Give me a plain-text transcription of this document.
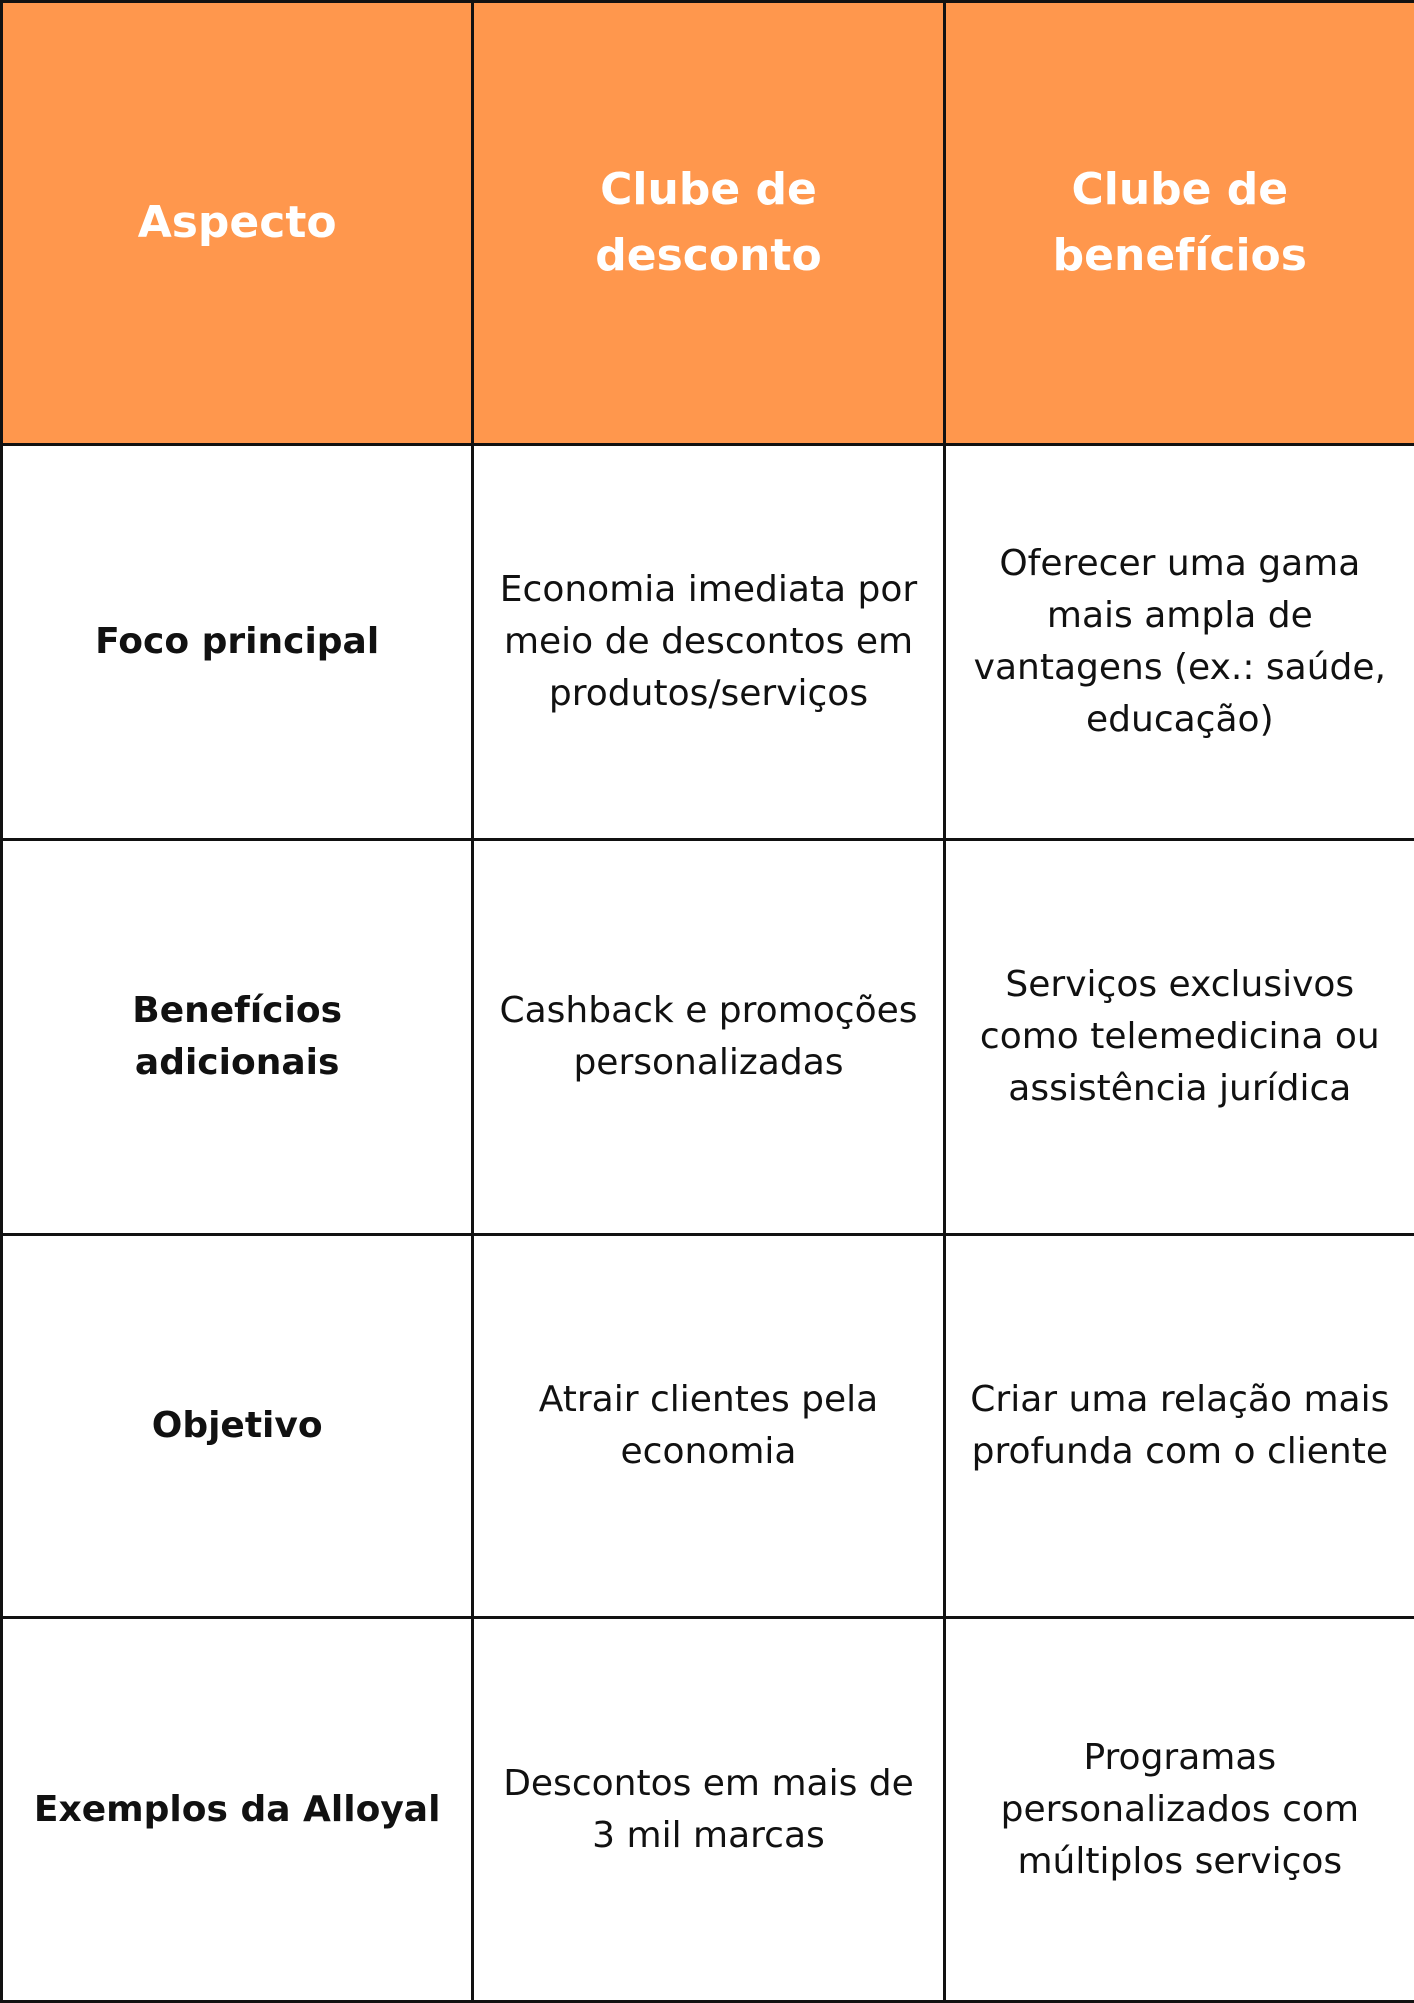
Aspecto	Clube de desconto	Clube de benefícios
Foco principal	Economia imediata por meio de descontos em produtos/serviços	Oferecer uma gama mais ampla de vantagens (ex.: saúde, educação)
Benefícios adicionais	Cashback e promoções personalizadas	Serviços exclusivos como telemedicina ou assistência jurídica
Objetivo	Atrair clientes pela economia	Criar uma relação mais profunda com o cliente
Exemplos da Alloyal	Descontos em mais de 3 mil marcas	Programas personalizados com múltiplos serviços
